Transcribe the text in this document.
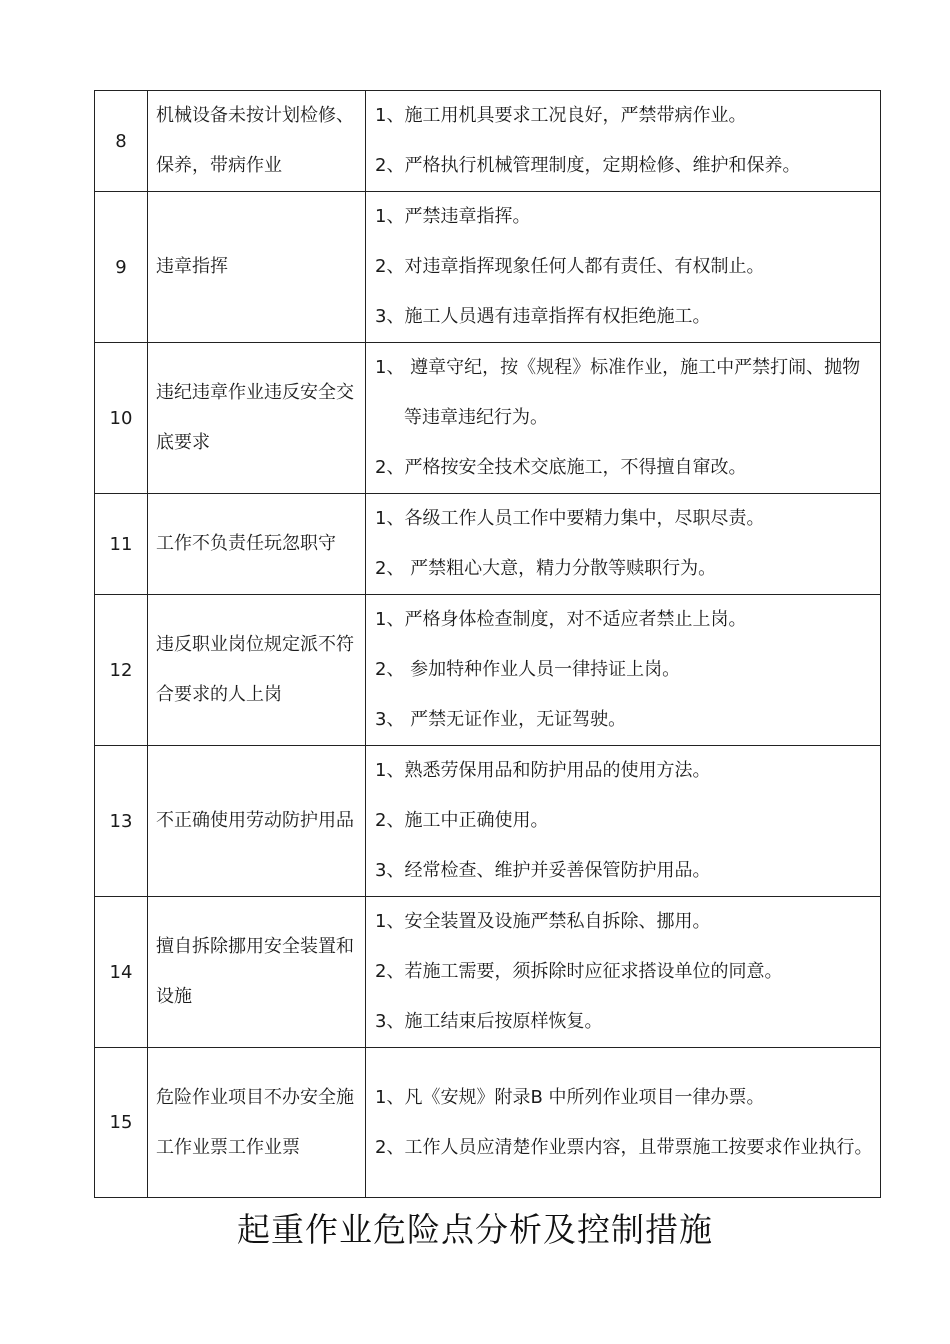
8	机械设备未按计划检修、保养，带病作业	1、施工用机具要求工况良好，严禁带病作业。
2、严格执行机械管理制度，定期检修、维护和保养。

9	违章指挥	1、严禁违章指挥。
2、对违章指挥现象任何人都有责任、有权制止。
3、施工人员遇有违章指挥有权拒绝施工。

10	违纪违章作业违反安全交底要求	1、 遵章守纪，按《规程》标准作业，施工中严禁打闹、抛物等违章违纪行为。
2、严格按安全技术交底施工，不得擅自窜改。

11	工作不负责任玩忽职守	1、各级工作人员工作中要精力集中，尽职尽责。
2、 严禁粗心大意，精力分散等赎职行为。

12	违反职业岗位规定派不符合要求的人上岗	1、严格身体检查制度，对不适应者禁止上岗。
2、 参加特种作业人员一律持证上岗。
3、 严禁无证作业，无证驾驶。

13	不正确使用劳动防护用品	1、熟悉劳保用品和防护用品的使用方法。
2、施工中正确使用。
3、经常检查、维护并妥善保管防护用品。

14	擅自拆除挪用安全装置和设施	1、安全装置及设施严禁私自拆除、挪用。
2、若施工需要，须拆除时应征求搭设单位的同意。
3、施工结束后按原样恢复。

15	危险作业项目不办安全施工作业票工作业票	1、凡《安规》附录B 中所列作业项目一律办票。
2、工作人员应清楚作业票内容，且带票施工按要求作业执行。
起重作业危险点分析及控制措施
